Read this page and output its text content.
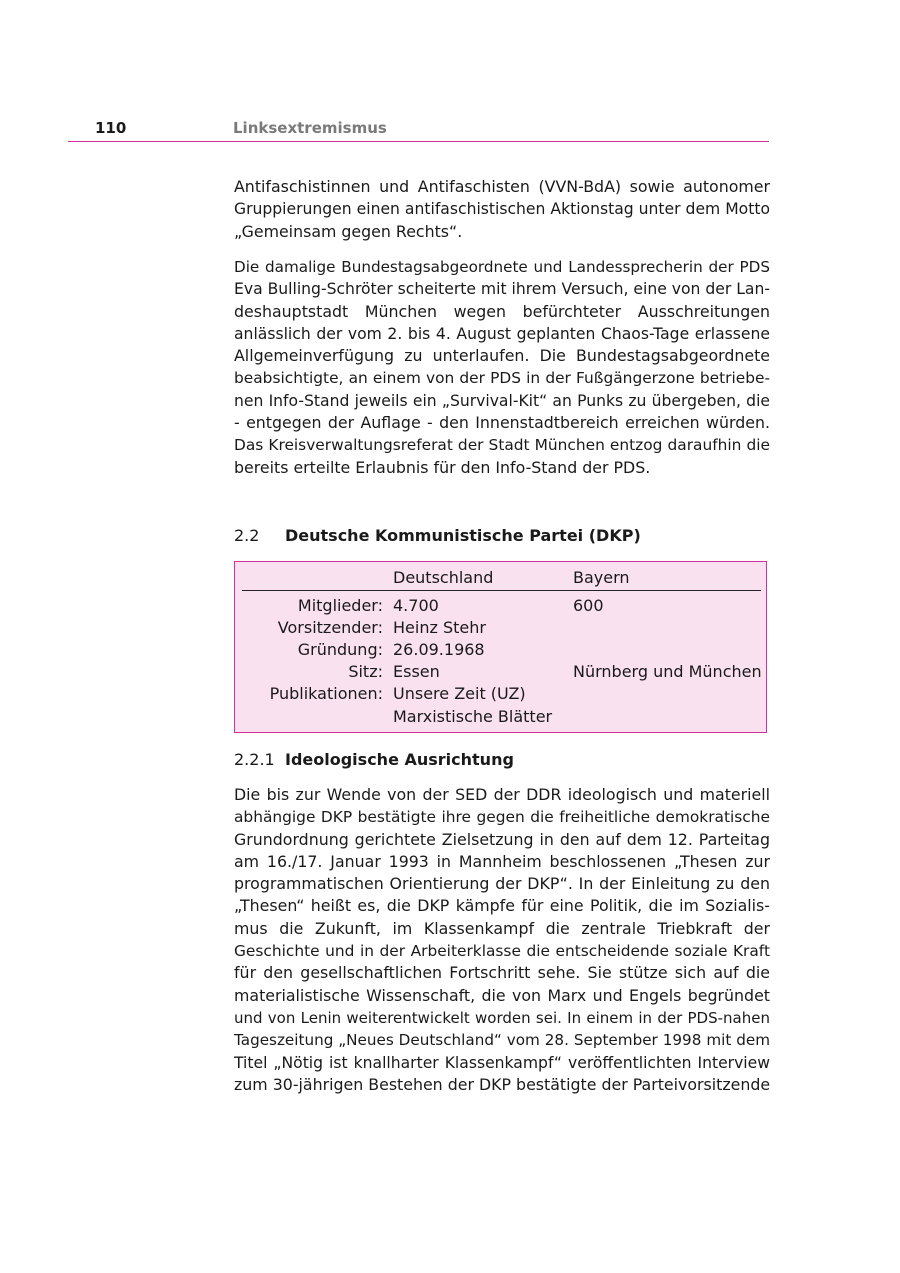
110	Linksextremismus
Antifaschistinnen und Antifaschisten (VVN-BdA) sowie autonomer
Gruppierungen einen antifaschistischen Aktionstag unter dem Motto
„Gemeinsam gegen Rechts“.
Die damalige Bundestagsabgeordnete und Landessprecherin der PDS
Eva Bulling-Schröter scheiterte mit ihrem Versuch, eine von der Lan-
deshauptstadt München wegen befürchteter Ausschreitungen
anlässlich der vom 2. bis 4. August geplanten Chaos-Tage erlassene
Allgemeinverfügung zu unterlaufen. Die Bundestagsabgeordnete
beabsichtigte, an einem von der PDS in der Fußgängerzone betriebe-
nen Info-Stand jeweils ein „Survival-Kit“ an Punks zu übergeben, die
- entgegen der Auflage - den Innenstadtbereich erreichen würden.
Das Kreisverwaltungsreferat der Stadt München entzog daraufhin die
bereits erteilte Erlaubnis für den Info-Stand der PDS.
2.2 Deutsche Kommunistische Partei (DKP)
Deutschland	Bayern
Mitglieder: 4.700	600
Vorsitzender: Heinz Stehr
Gründung: 26.09.1968
Sitz: Essen	Nürnberg und München
Publikationen: Unsere Zeit (UZ)
Marxistische Blätter
2.2.1 Ideologische Ausrichtung
Die bis zur Wende von der SED der DDR ideologisch und materiell
abhängige DKP bestätigte ihre gegen die freiheitliche demokratische
Grundordnung gerichtete Zielsetzung in den auf dem 12. Parteitag
am 16./17. Januar 1993 in Mannheim beschlossenen „Thesen zur
programmatischen Orientierung der DKP“. In der Einleitung zu den
„Thesen“ heißt es, die DKP kämpfe für eine Politik, die im Sozialis-
mus die Zukunft, im Klassenkampf die zentrale Triebkraft der
Geschichte und in der Arbeiterklasse die entscheidende soziale Kraft
für den gesellschaftlichen Fortschritt sehe. Sie stütze sich auf die
materialistische Wissenschaft, die von Marx und Engels begründet
und von Lenin weiterentwickelt worden sei. In einem in der PDS-nahen
Tageszeitung „Neues Deutschland“ vom 28. September 1998 mit dem
Titel „Nötig ist knallharter Klassenkampf“ veröffentlichten Interview
zum 30-jährigen Bestehen der DKP bestätigte der Parteivorsitzende
